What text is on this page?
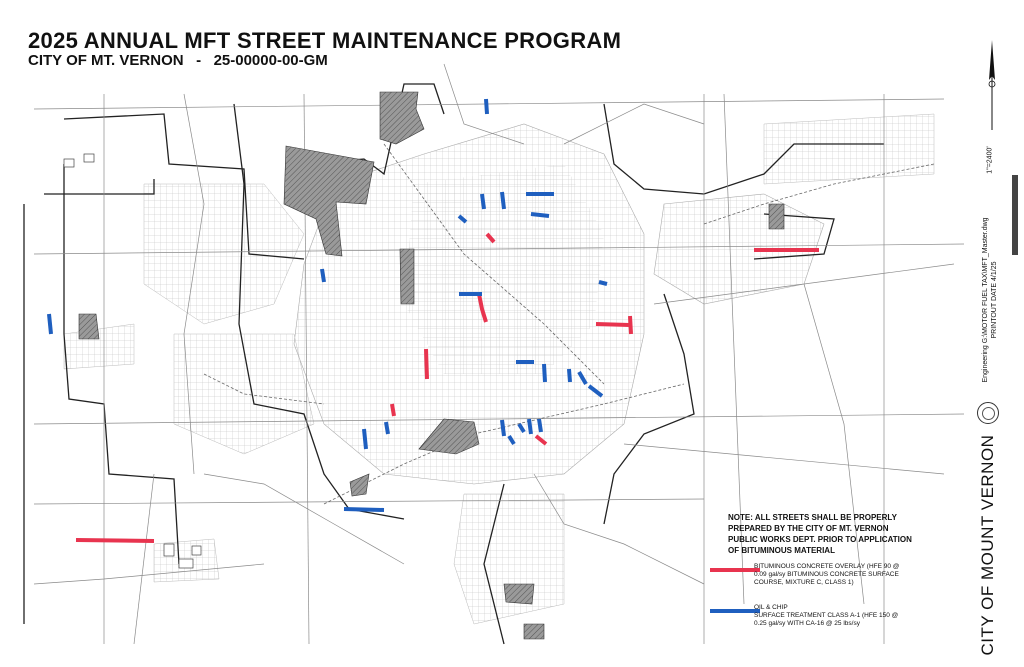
2025 ANNUAL MFT STREET MAINTENANCE PROGRAM
CITY OF MT. VERNON   -   25-00000-00-GM
NOTE: ALL STREETS SHALL BE PROPERLY
PREPARED BY THE CITY OF MT. VERNON
PUBLIC WORKS DEPT. PRIOR TO APPLICATION
OF BITUMINOUS MATERIAL
BITUMINOUS CONCRETE OVERLAY (HFE 90 @
0.09 gal/sy BITUMINOUS CONCRETE SURFACE
COURSE, MIXTURE C, CLASS 1)
OIL & CHIP
SURFACE TREATMENT CLASS A-1 (HFE 150 @
0.25 gal/sy WITH CA-16 @ 25 lbs/sy
1"=2400'
Engineering G:\MOTOR FUEL TAX\MFT_Master.dwg PRINTOUT DATE 4/1/25
CITY OF MOUNT VERNON
